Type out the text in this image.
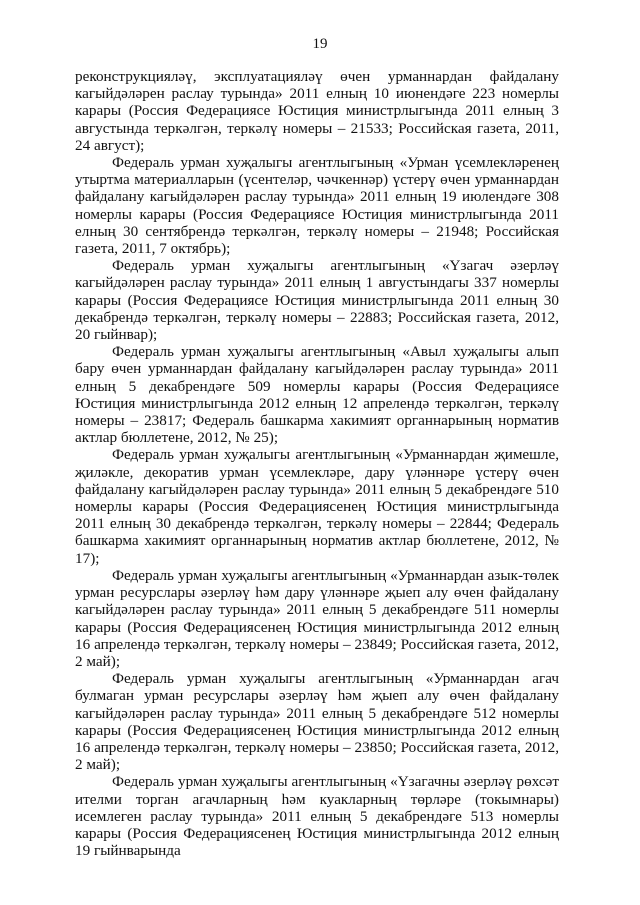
19

реконструкцияләү, эксплуатацияләү өчен урманнардан файдалану кагыйдәләрен раслау турында» 2011 елның 10 июнендәге 223 номерлы карары (Россия Федерациясе Юстиция министрлыгында 2011 елның 3 августында теркәлгән, теркәлү номеры – 21533; Российская газета, 2011, 24 август);

Федераль урман хуҗалыгы агентлыгының «Урман үсемлекләренең утыртма материалларын (үсентеләр, чәчкеннәр) үстерү өчен урманнардан файдалану кагыйдәләрен раслау турында» 2011 елның 19 июлендәге 308 номерлы карары (Россия Федерациясе Юстиция министрлыгында 2011 елның 30 сентябрендә теркәлгән, теркәлү номеры – 21948; Российская газета, 2011, 7 октябрь);

Федераль урман хуҗалыгы агентлыгының «Үзагач әзерләү кагыйдәләрен раслау турында» 2011 елның 1 августындагы 337 номерлы карары (Россия Федерациясе Юстиция министрлыгында 2011 елның 30 декабрендә теркәлгән, теркәлү номеры – 22883; Российская газета, 2012, 20 гыйнвар);

Федераль урман хуҗалыгы агентлыгының «Авыл хуҗалыгы алып бару өчен урманнардан файдалану кагыйдәләрен раслау турында» 2011 елның 5 декабрендәге 509 номерлы карары (Россия Федерациясе Юстиция министрлыгында 2012 елның 12 апрелендә теркәлгән, теркәлү номеры – 23817; Федераль башкарма хакимият органнарының норматив актлар бюллетене, 2012, № 25);

Федераль урман хуҗалыгы агентлыгының «Урманнардан җимешле, җиләкле, декоратив урман үсемлекләре, дару үләннәре үстерү өчен файдалану кагыйдәләрен раслау турында» 2011 елның 5 декабрендәге 510 номерлы карары (Россия Федерациясенең Юстиция министрлыгында 2011 елның 30 декабрендә теркәлгән, теркәлү номеры – 22844; Федераль башкарма хакимият органнарының норматив актлар бюллетене, 2012, № 17);

Федераль урман хуҗалыгы агентлыгының «Урманнардан азык-төлек урман ресурслары әзерләү һәм дару үләннәре җыеп алу өчен файдалану кагыйдәләрен раслау турында» 2011 елның 5 декабрендәге 511 номерлы карары (Россия Федерациясенең Юстиция министрлыгында 2012 елның 16 апрелендә теркәлгән, теркәлү номеры – 23849; Российская газета, 2012, 2 май);

Федераль урман хуҗалыгы агентлыгының «Урманнардан агач булмаган урман ресурслары әзерләү һәм җыеп алу өчен файдалану кагыйдәләрен раслау турында» 2011 елның 5 декабрендәге 512 номерлы карары (Россия Федерациясенең Юстиция министрлыгында 2012 елның 16 апрелендә теркәлгән, теркәлү номеры – 23850; Российская газета, 2012, 2 май);

Федераль урман хуҗалыгы агентлыгының «Үзагачны әзерләү рөхсәт ителми торган агачларның һәм куакларның төрләре (токымнары) исемлеген раслау турында» 2011 елның 5 декабрендәге 513 номерлы карары (Россия Федерациясенең Юстиция министрлыгында 2012 елның 19 гыйнварында
